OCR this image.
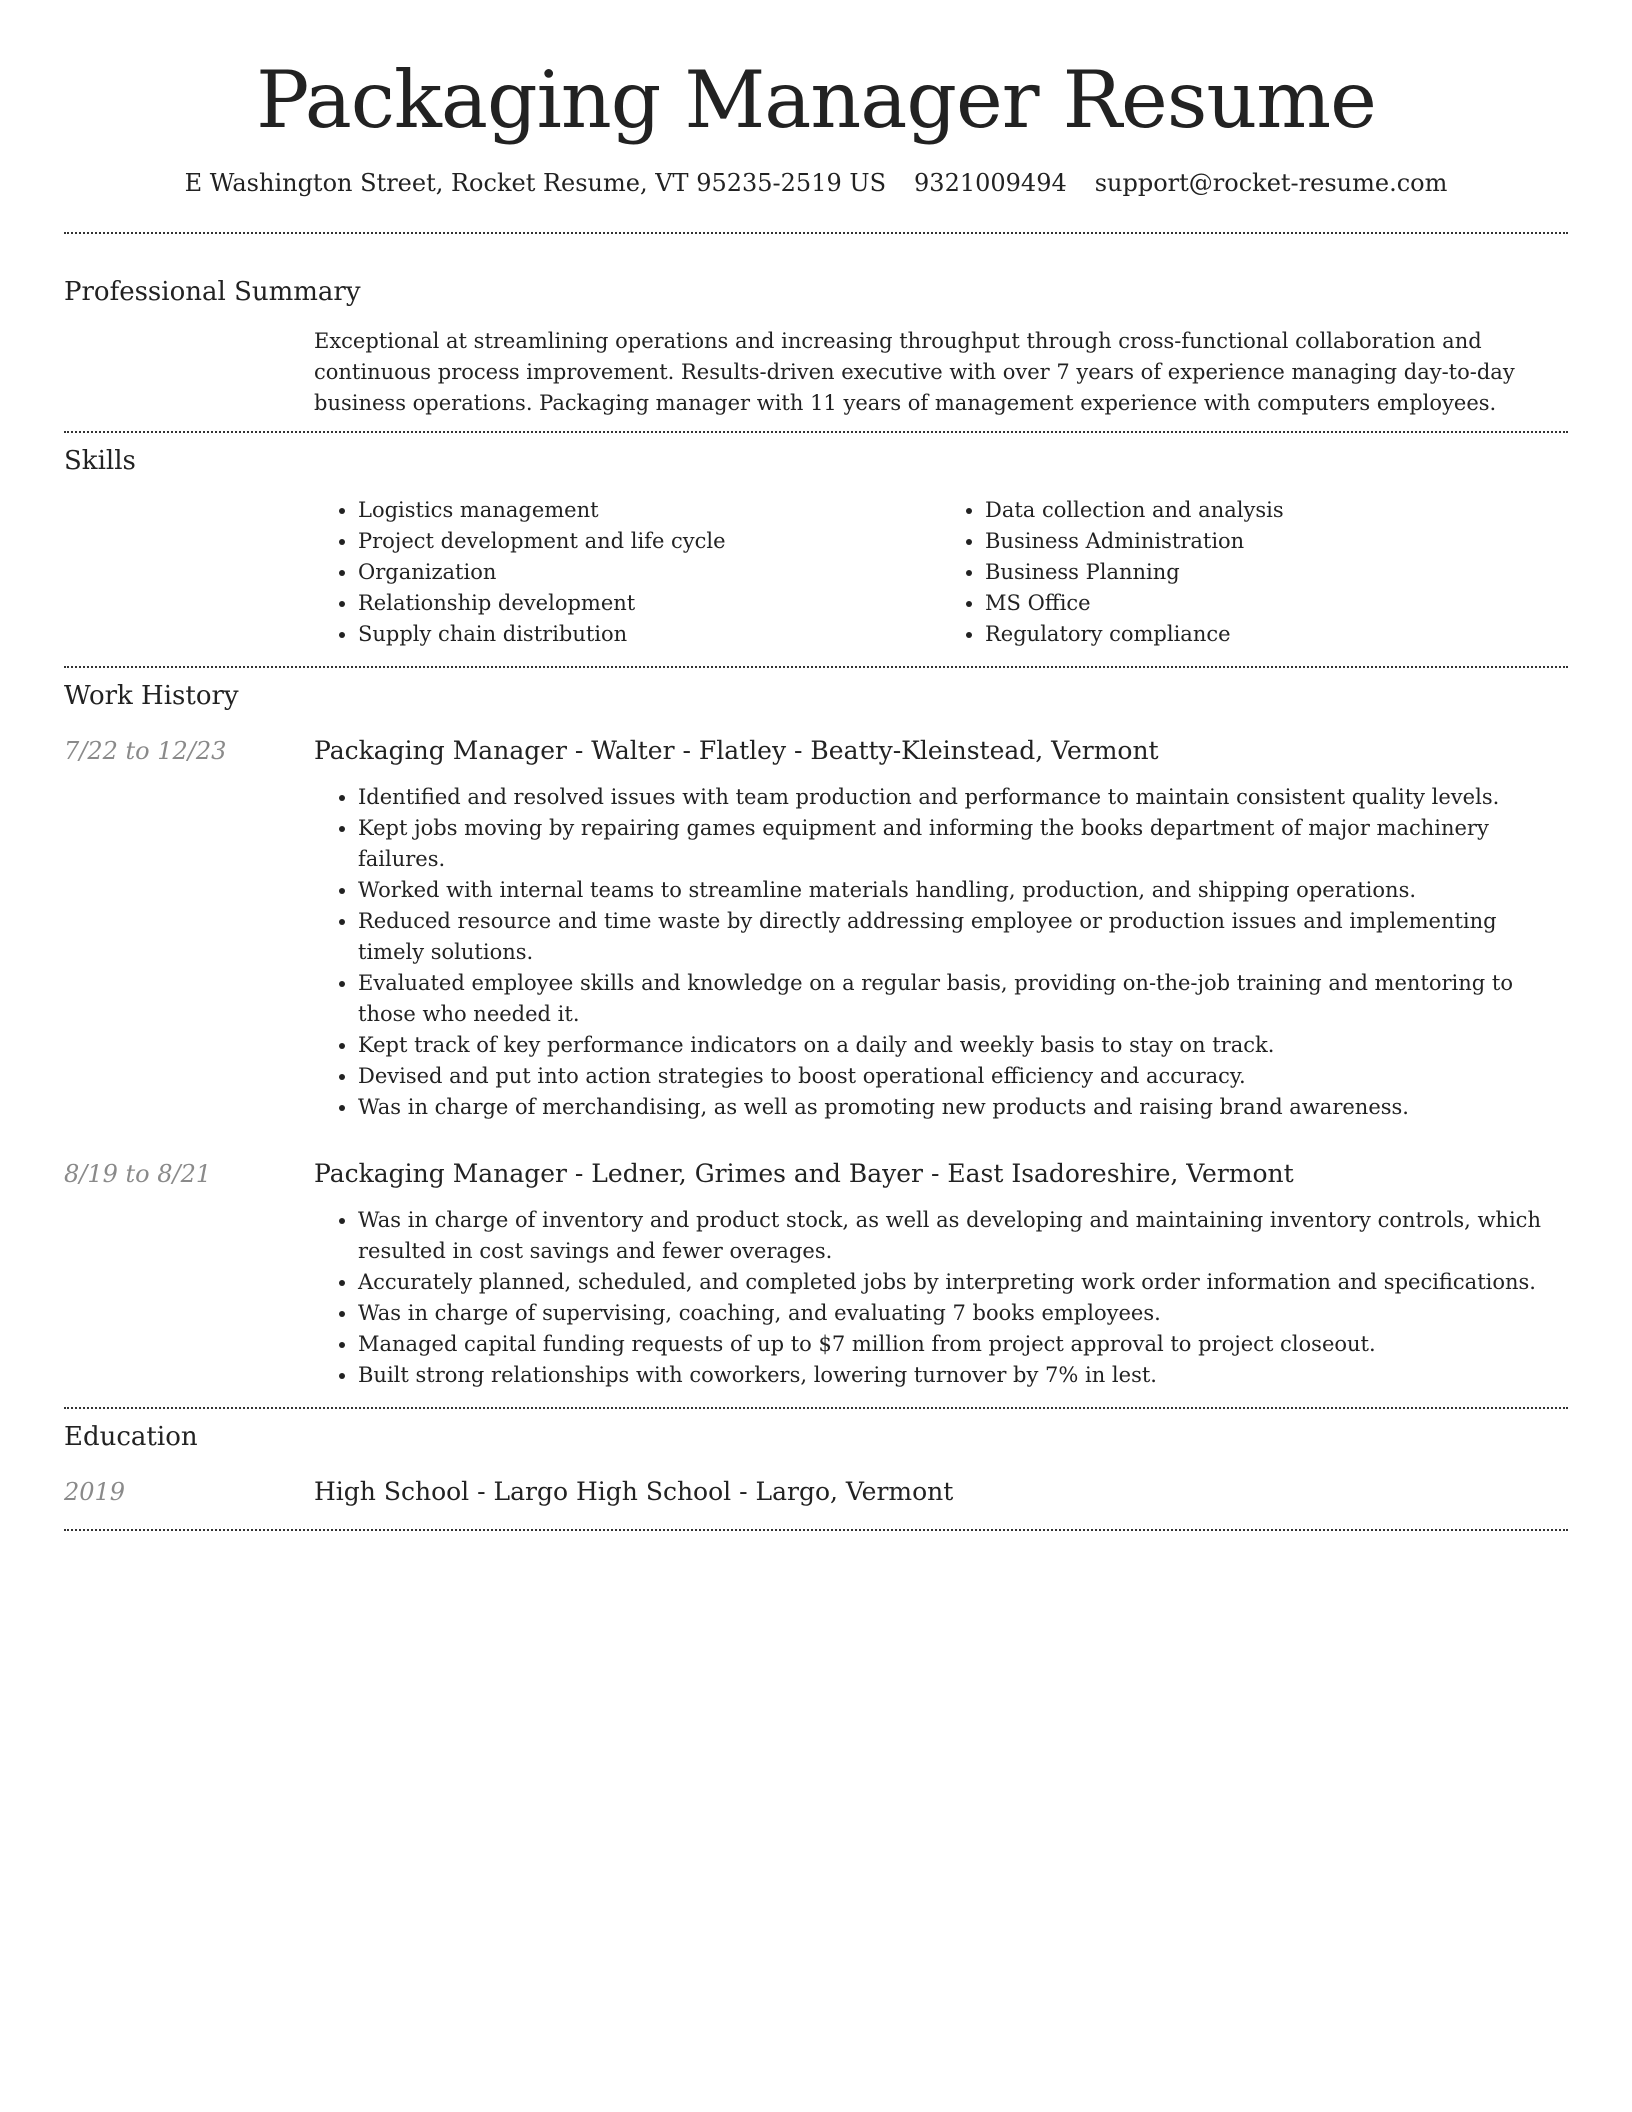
Packaging Manager Resume
E Washington Street, Rocket Resume, VT 95235-2519 US 9321009494 support@rocket-resume.com
Professional Summary

Exceptional at streamlining operations and increasing throughput through cross-functional collaboration and continuous process improvement. Results-driven executive with over 7 years of experience managing day-to-day business operations. Packaging manager with 11 years of management experience with computers employees.

Skills
• Logistics management
• Project development and life cycle
• Organization
• Relationship development
• Supply chain distribution
• Data collection and analysis
• Business Administration
• Business Planning
• MS Office
• Regulatory compliance
Work History
7/22 to 12/23	Packaging Manager - Walter - Flatley - Beatty-Kleinstead, Vermont
• Identified and resolved issues with team production and performance to maintain consistent quality levels.
• Kept jobs moving by repairing games equipment and informing the books department of major machinery failures.
• Worked with internal teams to streamline materials handling, production, and shipping operations.
• Reduced resource and time waste by directly addressing employee or production issues and implementing timely solutions.
• Evaluated employee skills and knowledge on a regular basis, providing on-the-job training and mentoring to those who needed it.
• Kept track of key performance indicators on a daily and weekly basis to stay on track.
• Devised and put into action strategies to boost operational efficiency and accuracy.
• Was in charge of merchandising, as well as promoting new products and raising brand awareness.
8/19 to 8/21	Packaging Manager - Ledner, Grimes and Bayer - East Isadoreshire, Vermont
• Was in charge of inventory and product stock, as well as developing and maintaining inventory controls, which resulted in cost savings and fewer overages.
• Accurately planned, scheduled, and completed jobs by interpreting work order information and specifications.
• Was in charge of supervising, coaching, and evaluating 7 books employees.
• Managed capital funding requests of up to $7 million from project approval to project closeout.
• Built strong relationships with coworkers, lowering turnover by 7% in lest.
Education
2019	High School - Largo High School - Largo, Vermont
